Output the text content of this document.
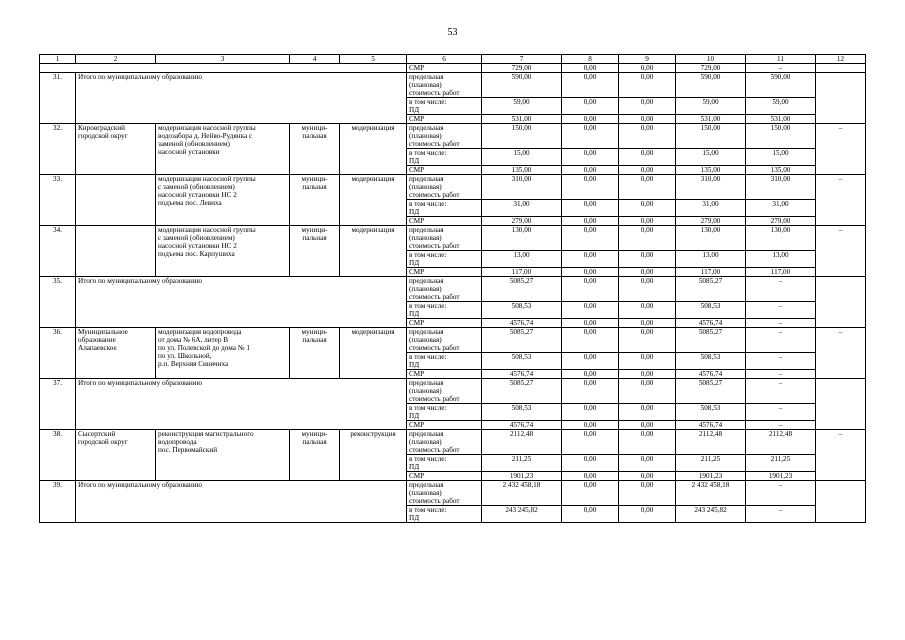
53
1	2	3	4	5	6	7	8	9	10	11	12
					СМР	729,00	0,00	0,00	729,00	–	
31.	Итого по муниципальному образованию				предельная
(плановая)
стоимость работ	590,00	0,00	0,00	590,00	590,00	
					в том числе:
ПД	59,00	0,00	0,00	59,00	59,00	
					СМР	531,00	0,00	0,00	531,00	531,00	
32.	Кировградский
городской округ	модернизация насосной группы
водозабора д. Нейво-Рудянка с
заменой (обновлением)
насосной установки	муници-
пальная	модернизация	предельная
(плановая)
стоимость работ	150,00	0,00	0,00	150,00	150,00	–
					в том числе:
ПД	15,00	0,00	0,00	15,00	15,00	
					СМР	135,00	0,00	0,00	135,00	135,00	
33.		модернизация насосной группы
с заменой (обновлением)
насосной установки НС 2
подъема пос. Левиха	муници-
пальная	модернизация	предельная
(плановая)
стоимость работ	310,00	0,00	0,00	310,00	310,00	–
					в том числе:
ПД	31,00	0,00	0,00	31,00	31,00	
					СМР	279,00	0,00	0,00	279,00	279,00	
34.		модернизация насосной группы
с заменой (обновлением)
насосной установки НС 2
подъема пос. Карпушиха	муници-
пальная	модернизация	предельная
(плановая)
стоимость работ	130,00	0,00	0,00	130,00	130,00	–
					в том числе:
ПД	13,00	0,00	0,00	13,00	13,00	
					СМР	117,00	0,00	0,00	117,00	117,00	
35.	Итого по муниципальному образованию				предельная
(плановая)
стоимость работ	5085,27	0,00	0,00	5085,27	–	
					в том числе:
ПД	508,53	0,00	0,00	508,53	–	
					СМР	4576,74	0,00	0,00	4576,74	–	
36.	Муниципальное
образование
Алапаевское	модернизация водопровода
от дома № 6А, литер В
по ул. Полевской до дома № 1
по ул. Школьной,
р.п. Верхняя Синячиха	муници-
пальная	модернизация	предельная
(плановая)
стоимость работ	5085,27	0,00	0,00	5085,27	–	–
					в том числе:
ПД	508,53	0,00	0,00	508,53	–	
					СМР	4576,74	0,00	0,00	4576,74	–	
37.	Итого по муниципальному образованию				предельная
(плановая)
стоимость работ	5085,27	0,00	0,00	5085,27	–	
					в том числе:
ПД	508,53	0,00	0,00	508,53	–	
					СМР	4576,74	0,00	0,00	4576,74	–	
38.	Сысертский
городской округ	реконструкция магистрального
водопровода
пос. Первомайский	муници-
пальная	реконструкция	предельная
(плановая)
стоимость работ	2112,48	0,00	0,00	2112,48	2112,48	–
					в том числе:
ПД	211,25	0,00	0,00	211,25	211,25	
					СМР	1901,23	0,00	0,00	1901,23	1901,23	
39.	Итого по муниципальному образованию				предельная
(плановая)
стоимость работ	2 432 458,18	0,00	0,00	2 432 458,18	–	
					в том числе:
ПД	243 245,82	0,00	0,00	243 245,82	–	
